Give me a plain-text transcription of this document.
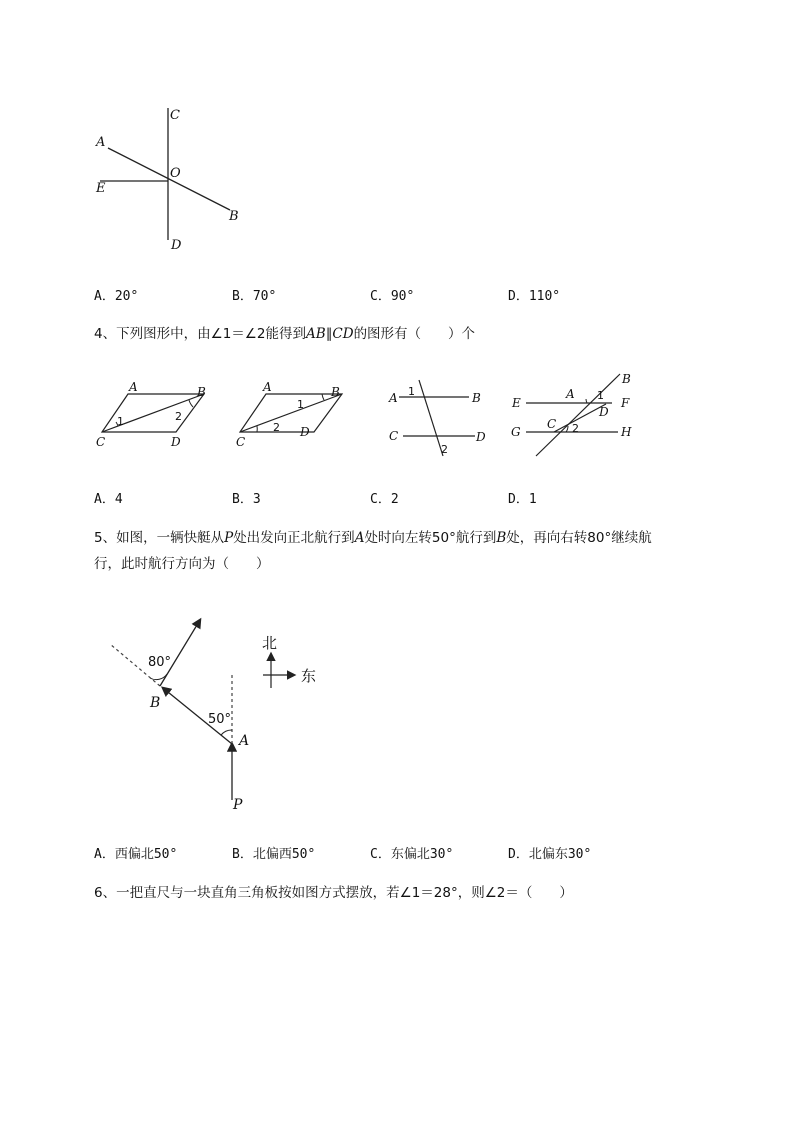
C
A
O
E
B
D
A．20°	B．70°	C．90°	D．110°
4、下列图形中，由∠1＝∠2能得到AB∥CD的图形有（　　）个
A	B
C	D
1	2
A	B
C
D
1
2
A	B
C	D
1
2
A
B
C
D
E	F
G	H
1
2
A．4	B．3	C．2	D．1
5、如图，一辆快艇从P处出发向正北航行到A处时向左转50°航行到B处，再向右转80°继续航
行，此时航行方向为（　　）
80°
50°
B
A
P
北
东
A．西偏北50°	B．北偏西50°	C．东偏北30°	D．北偏东30°
6、一把直尺与一块直角三角板按如图方式摆放，若∠1＝28°，则∠2＝（　　）
